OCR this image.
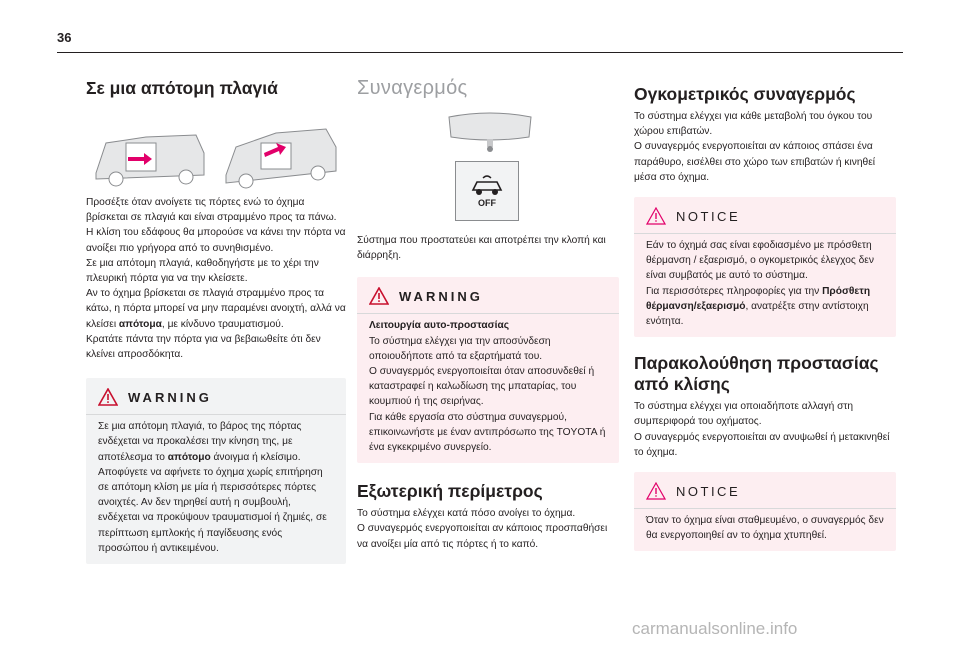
36
Σε μια απότομη πλαγιά

Προσέξτε όταν ανοίγετε τις πόρτες ενώ το όχημα βρίσκεται σε πλαγιά και είναι στραμμένο προς τα πάνω. Η κλίση του εδάφους θα μπορούσε να κάνει την πόρτα να ανοίξει πιο γρήγορα από το συνηθισμένο.

Σε μια απότομη πλαγιά, καθοδηγήστε με το χέρι την πλευρική πόρτα για να την κλείσετε.

Αν το όχημα βρίσκεται σε πλαγιά στραμμένο προς τα κάτω, η πόρτα μπορεί να μην παραμένει ανοιχτή, αλλά να κλείσει απότομα, με κίνδυνο τραυματισμού.

Κρατάτε πάντα την πόρτα για να βεβαιωθείτε ότι δεν κλείνει απροσδόκητα.

WARNING

Σε μια απότομη πλαγιά, το βάρος της πόρτας ενδέχεται να προκαλέσει την κίνηση της, με αποτέλεσμα το απότομο άνοιγμα ή κλείσιμο.

Αποφύγετε να αφήνετε το όχημα χωρίς επιτήρηση σε απότομη κλίση με μία ή περισσότερες πόρτες ανοιχτές. Αν δεν τηρηθεί αυτή η συμβουλή, ενδέχεται να προκύψουν τραυματισμοί ή ζημιές, σε περίπτωση εμπλοκής ή παγίδευσης ενός προσώπου ή αντικειμένου.

Συναγερμός
OFF

Σύστημα που προστατεύει και αποτρέπει την κλοπή και διάρρηξη.

WARNING

Λειτουργία αυτο-προστασίας

Το σύστημα ελέγχει για την αποσύνδεση οποιουδήποτε από τα εξαρτήματά του.

Ο συναγερμός ενεργοποιείται όταν αποσυνδεθεί ή καταστραφεί η καλωδίωση της μπαταρίας, του κουμπιού ή της σειρήνας.

Για κάθε εργασία στο σύστημα συναγερμού, επικοινωνήστε με έναν αντιπρόσωπο της TOYOTA ή ένα εγκεκριμένο συνεργείο.

Εξωτερική περίμετρος

Το σύστημα ελέγχει κατά πόσο ανοίγει το όχημα.

Ο συναγερμός ενεργοποιείται αν κάποιος προσπαθήσει να ανοίξει μία από τις πόρτες ή το καπό.

Ογκομετρικός συναγερμός

Το σύστημα ελέγχει για κάθε μεταβολή του όγκου του χώρου επιβατών.

Ο συναγερμός ενεργοποιείται αν κάποιος σπάσει ένα παράθυρο, εισέλθει στο χώρο των επιβατών ή κινηθεί μέσα στο όχημα.

NOTICE

Εάν το όχημά σας είναι εφοδιασμένο με πρόσθετη θέρμανση / εξαερισμό, ο ογκομετρικός έλεγχος δεν είναι συμβατός με αυτό το σύστημα.

Για περισσότερες πληροφορίες για την Πρόσθετη θέρμανση/εξαερισμό, ανατρέξτε στην αντίστοιχη ενότητα.

Παρακολούθηση προστασίας από κλίσης

Το σύστημα ελέγχει για οποιαδήποτε αλλαγή στη συμπεριφορά του οχήματος.

Ο συναγερμός ενεργοποιείται αν ανυψωθεί ή μετακινηθεί το όχημα.

NOTICE

Όταν το όχημα είναι σταθμευμένο, ο συναγερμός δεν θα ενεργοποιηθεί αν το όχημα χτυπηθεί.

carmanualsonline.info
